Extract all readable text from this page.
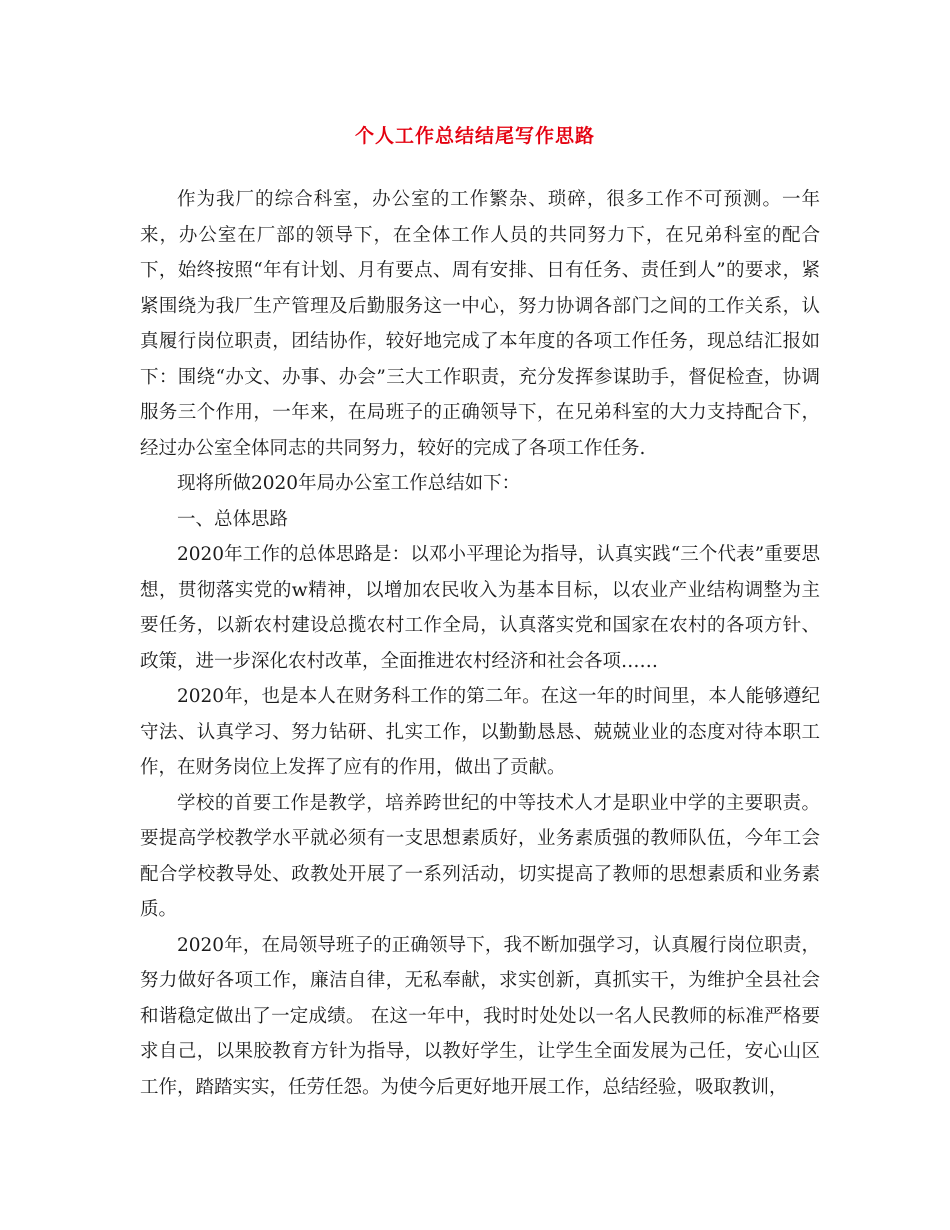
个人工作总结结尾写作思路

作为我厂的综合科室，办公室的工作繁杂、琐碎，很多工作不可预测。一年来，办公室在厂部的领导下，在全体工作人员的共同努力下，在兄弟科室的配合下，始终按照“年有计划、月有要点、周有安排、日有任务、责任到人”的要求，紧紧围绕为我厂生产管理及后勤服务这一中心，努力协调各部门之间的工作关系，认真履行岗位职责，团结协作，较好地完成了本年度的各项工作任务，现总结汇报如下：围绕“办文、办事、办会”三大工作职责，充分发挥参谋助手，督促检查，协调服务三个作用，一年来，在局班子的正确领导下，在兄弟科室的大力支持配合下，经过办公室全体同志的共同努力，较好的完成了各项工作任务.

现将所做2020年局办公室工作总结如下：

一、总体思路

2020年工作的总体思路是：以邓小平理论为指导，认真实践“三个代表”重要思想，贯彻落实党的w精神，以增加农民收入为基本目标，以农业产业结构调整为主要任务，以新农村建设总揽农村工作全局，认真落实党和国家在农村的各项方针、政策，进一步深化农村改革，全面推进农村经济和社会各项……

2020年，也是本人在财务科工作的第二年。在这一年的时间里，本人能够遵纪守法、认真学习、努力钻研、扎实工作，以勤勤恳恳、兢兢业业的态度对待本职工作，在财务岗位上发挥了应有的作用，做出了贡献。

学校的首要工作是教学，培养跨世纪的中等技术人才是职业中学的主要职责。要提高学校教学水平就必须有一支思想素质好，业务素质强的教师队伍，今年工会配合学校教导处、政教处开展了一系列活动，切实提高了教师的思想素质和业务素质。

2020年，在局领导班子的正确领导下，我不断加强学习，认真履行岗位职责，努力做好各项工作，廉洁自律，无私奉献，求实创新，真抓实干，为维护全县社会和谐稳定做出了一定成绩。 在这一年中，我时时处处以一名人民教师的标准严格要求自己，以果胶教育方针为指导，以教好学生，让学生全面发展为己任，安心山区工作，踏踏实实，任劳任怨。为使今后更好地开展工作，总结经验，吸取教训，
